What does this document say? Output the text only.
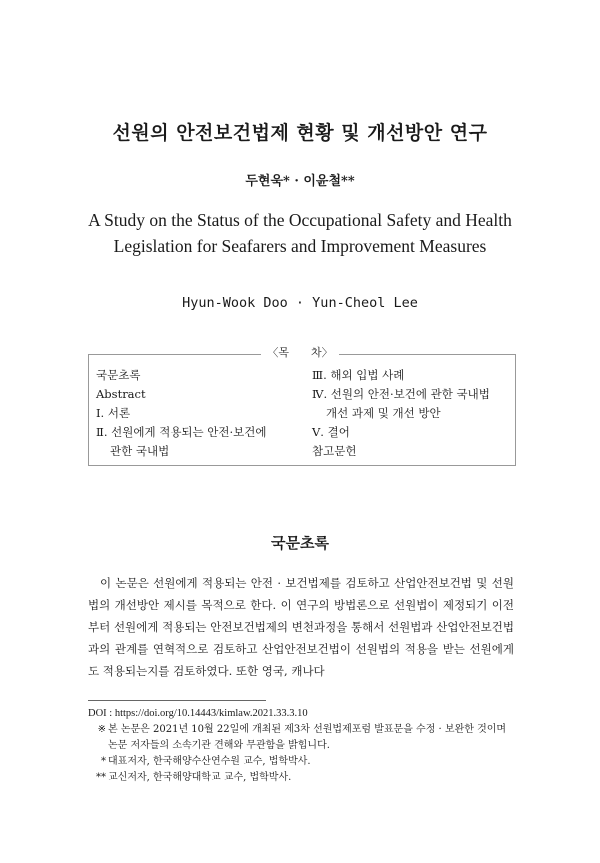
선원의 안전보건법제 현황 및 개선방안 연구
두현욱* · 이윤철**
A Study on the Status of the Occupational Safety and Health Legislation for Seafarers and Improvement Measures
Hyun-Wook Doo · Yun-Cheol Lee
〈목　　차〉
국문초록
Abstract
Ⅰ. 서론
Ⅱ. 선원에게 적용되는 안전·보건에
관한 국내법
Ⅲ. 해외 입법 사례
Ⅳ. 선원의 안전·보건에 관한 국내법
개선 과제 및 개선 방안
Ⅴ. 결어
참고문헌
국문초록

이 논문은 선원에게 적용되는 안전 · 보건법제를 검토하고 산업안전보건법 및 선원법의 개선방안 제시를 목적으로 한다. 이 연구의 방법론으로 선원법이 제정되기 이전부터 선원에게 적용되는 안전보건법제의 변천과정을 통해서 선원법과 산업안전보건법과의 관계를 연혁적으로 검토하고 산업안전보건법이 선원법의 적용을 받는 선원에게도 적용되는지를 검토하였다. 또한 영국, 캐나다

DOI : https://doi.org/10.14443/kimlaw.2021.33.3.10
※ 본 논문은 2021년 10월 22일에 개최된 제3차 선원법제포럼 발표문을 수정 · 보완한 것이며 논문 저자들의 소속기관 견해와 무관함을 밝힙니다.
* 대표저자, 한국해양수산연수원 교수, 법학박사.
** 교신저자, 한국해양대학교 교수, 법학박사.
